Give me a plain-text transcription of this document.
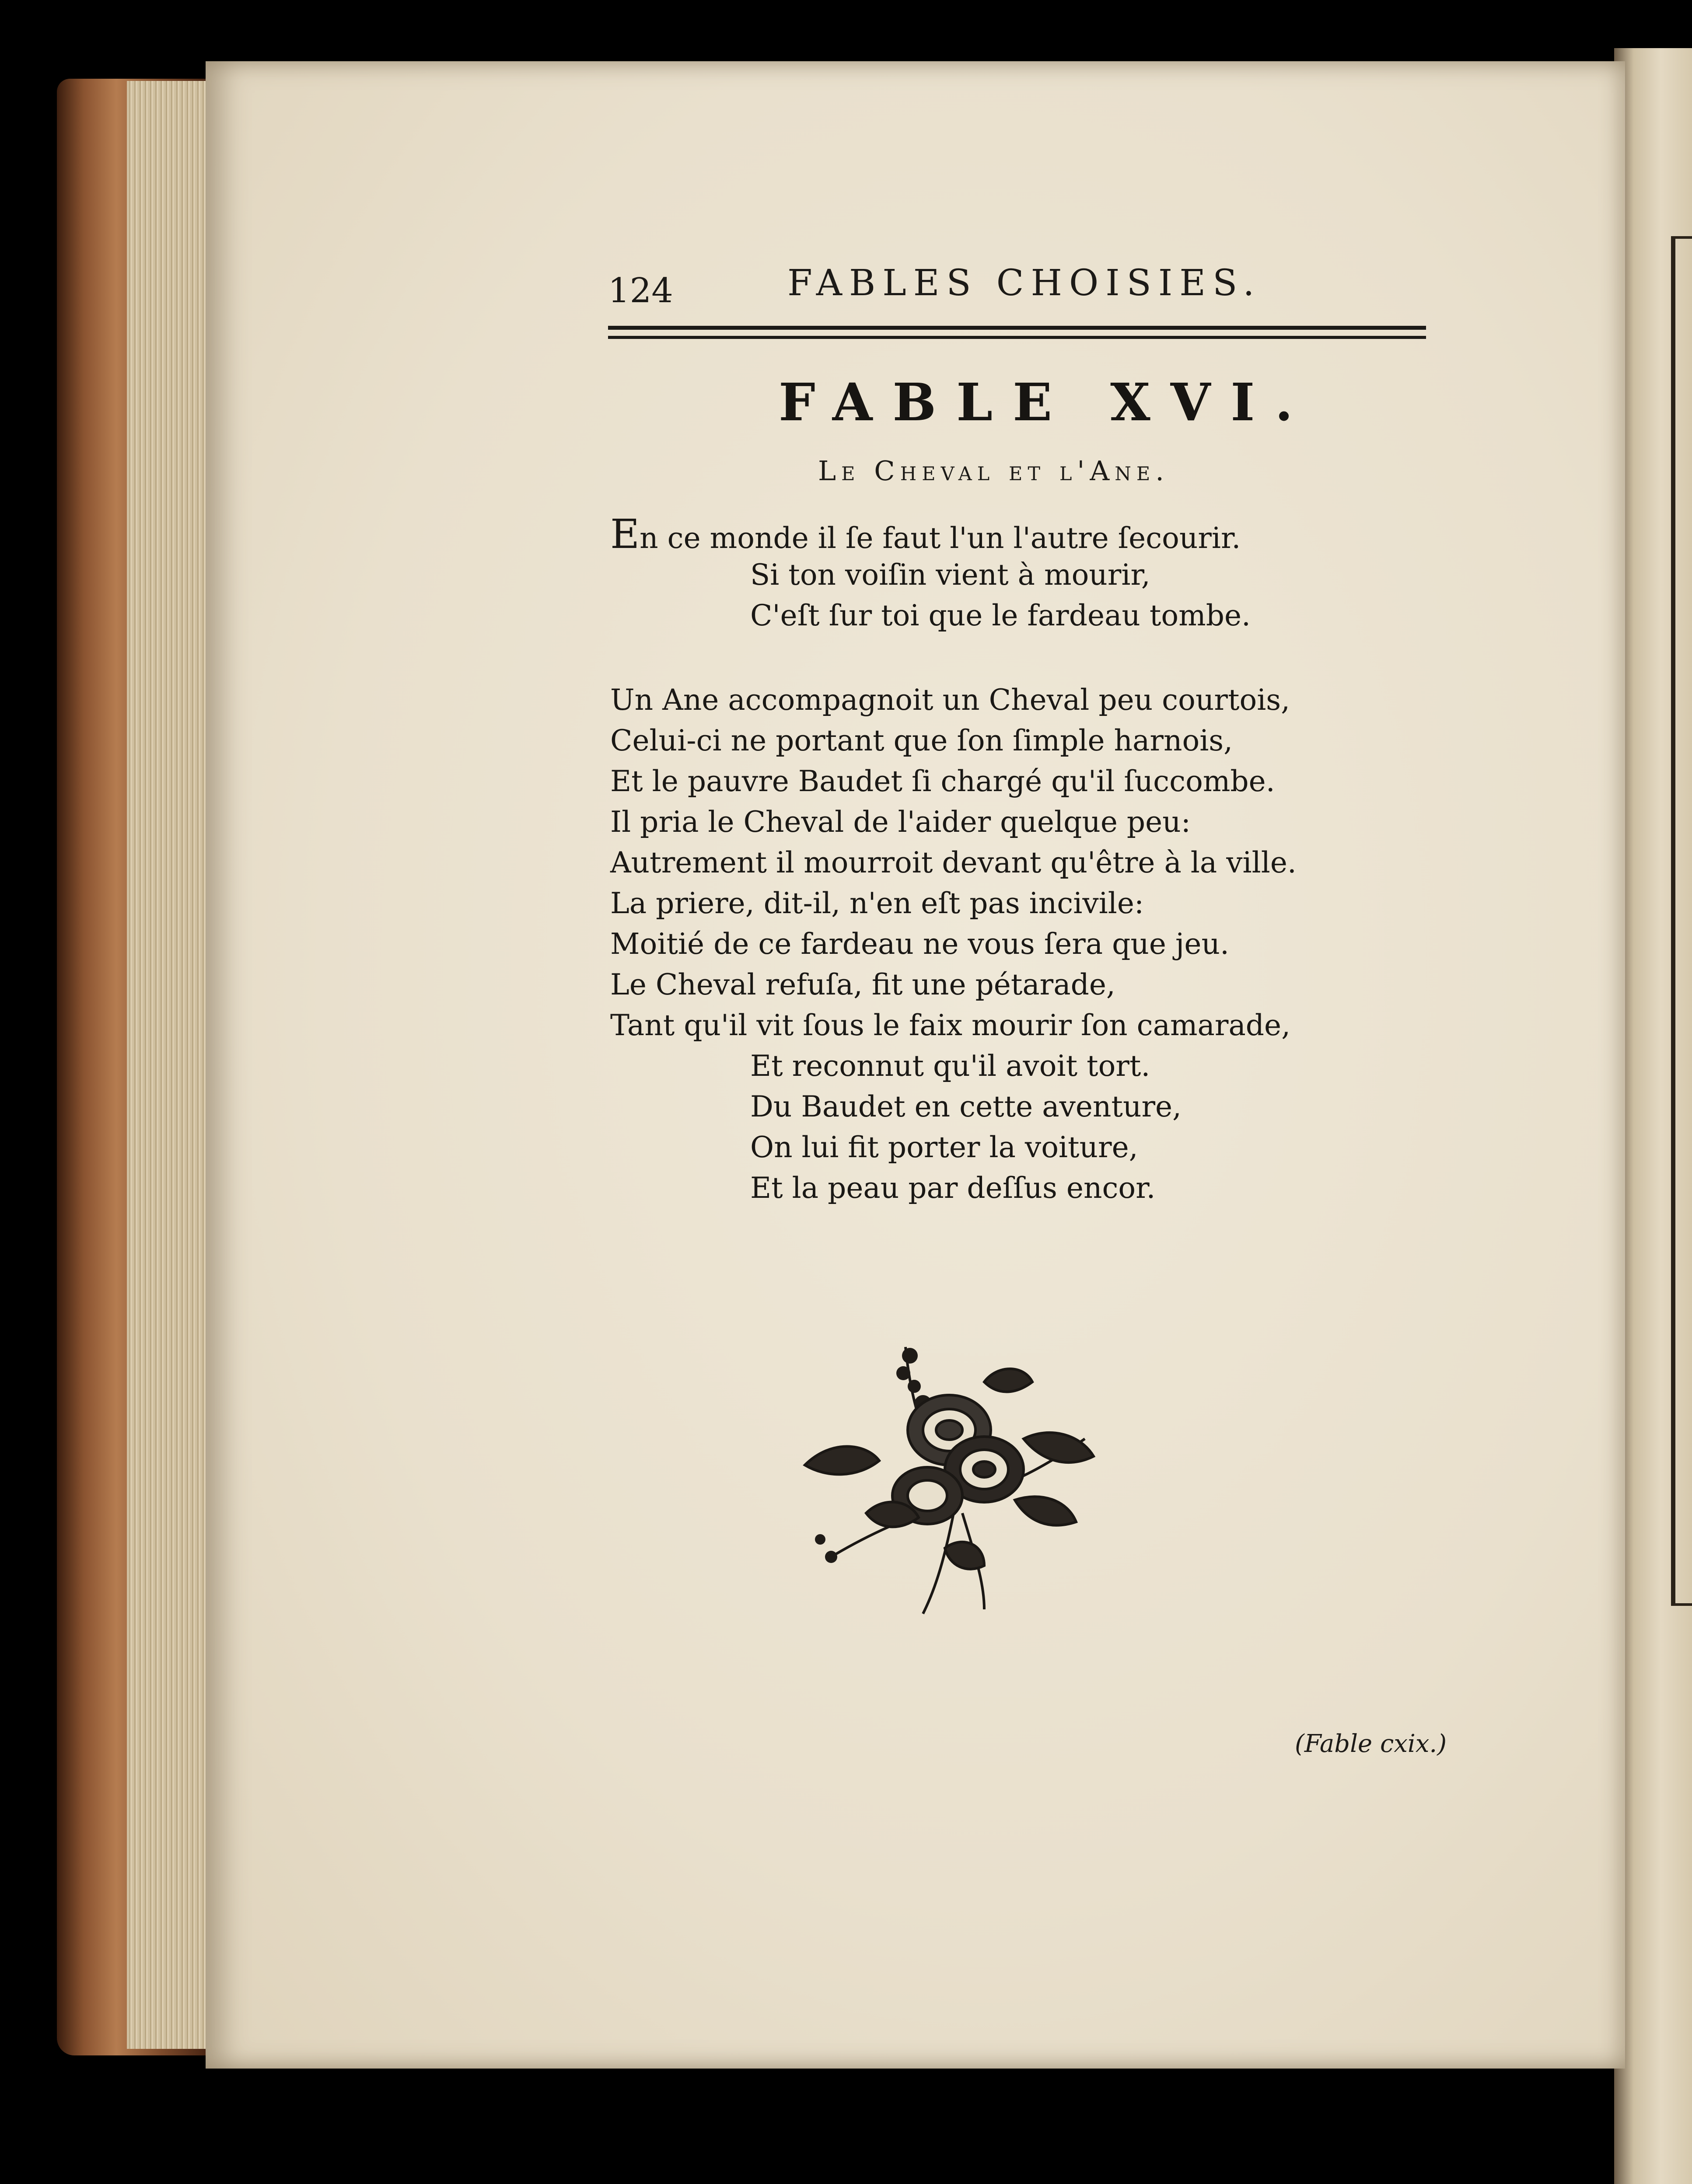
124	FABLES CHOISIES.
FABLE XVI.
Le Cheval et l'Ane.
En ce monde il ſe faut l'un l'autre ſecourir.
Si ton voiſin vient à mourir,
C'eſt ſur toi que le fardeau tombe.
Un Ane accompagnoit un Cheval peu courtois,
Celui-ci ne portant que ſon ſimple harnois,
Et le pauvre Baudet ſi chargé qu'il ſuccombe.
Il pria le Cheval de l'aider quelque peu:
Autrement il mourroit devant qu'être à la ville.
La priere, dit-il, n'en eſt pas incivile:
Moitié de ce fardeau ne vous ſera que jeu.
Le Cheval refuſa, fit une pétarade,
Tant qu'il vit ſous le faix mourir ſon camarade,
Et reconnut qu'il avoit tort.
Du Baudet en cette aventure,
On lui fit porter la voiture,
Et la peau par deſſus encor.
(Fable cxix.)
